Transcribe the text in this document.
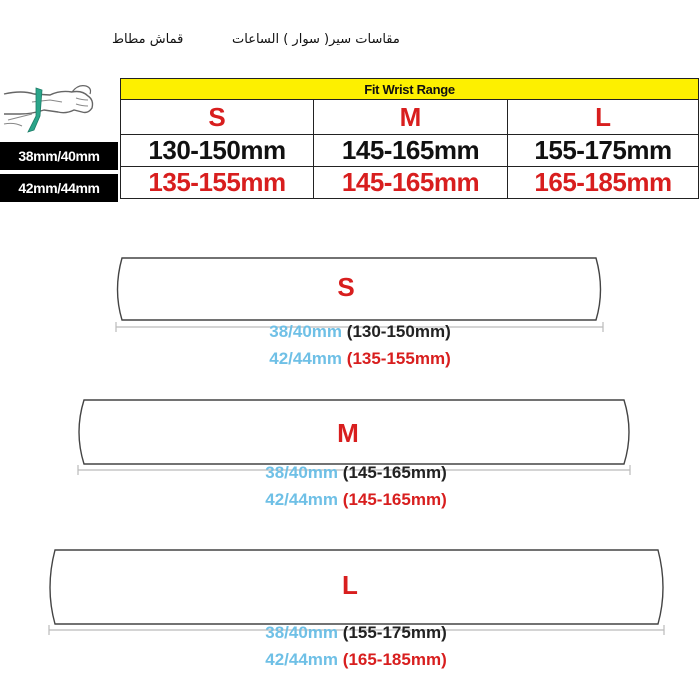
قماش مطاط	مقاسات سير( سوار ) الساعات
Fit Wrist Range		
S	M	L
130-150mm	145-165mm	155-175mm
135-155mm	145-165mm	165-185mm
38mm/40mm
42mm/44mm
S
38/40mm (130-150mm)
42/44mm (135-155mm)
M
38/40mm (145-165mm)
42/44mm (145-165mm)
L
38/40mm (155-175mm)
42/44mm (165-185mm)
